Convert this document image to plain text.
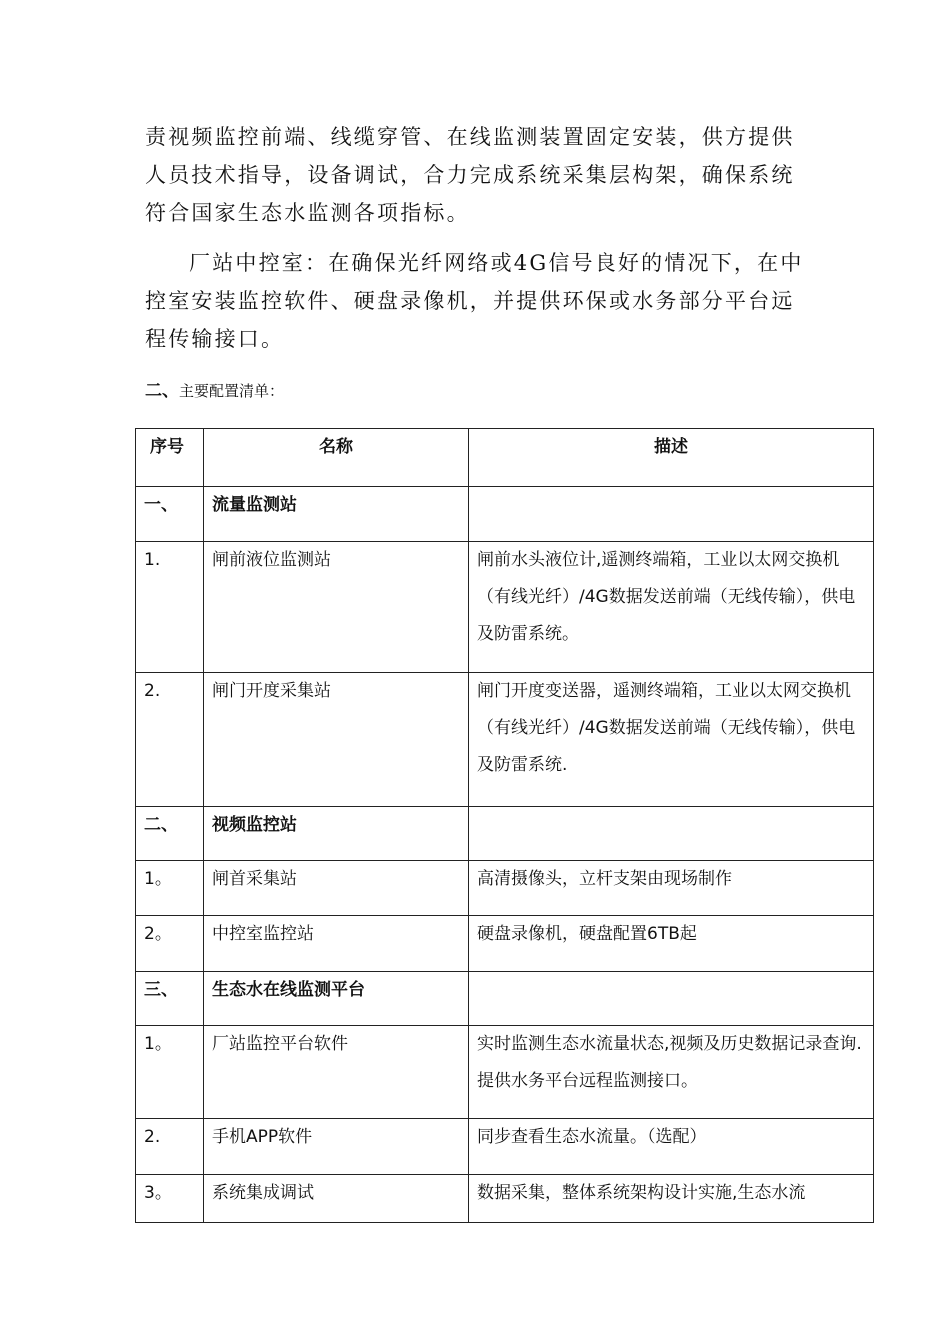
责视频监控前端、线缆穿管、在线监测装置固定安装，供方提供人员技术指导，设备调试，合力完成系统采集层构架，确保系统符合国家生态水监测各项指标。

厂站中控室：在确保光纤网络或4G信号良好的情况下，在中控室安装监控软件、硬盘录像机，并提供环保或水务部分平台远程传输接口。

二、主要配置清单：
序号	名称	描述
一、	流量监测站	
1.	闸前液位监测站	闸前水头液位计,遥测终端箱，工业以太网交换机（有线光纤）/4G数据发送前端（无线传输），供电及防雷系统。
2.	闸门开度采集站	闸门开度变送器，遥测终端箱，工业以太网交换机（有线光纤）/4G数据发送前端（无线传输），供电及防雷系统.
二、	视频监控站	
1。	闸首采集站	高清摄像头，立杆支架由现场制作
2。	中控室监控站	硬盘录像机，硬盘配置6TB起
三、	生态水在线监测平台	
1。	厂站监控平台软件	实时监测生态水流量状态,视频及历史数据记录查询.提供水务平台远程监测接口。
2.	手机APP软件	同步查看生态水流量。（选配）
3。	系统集成调试	数据采集，整体系统架构设计实施,生态水流
